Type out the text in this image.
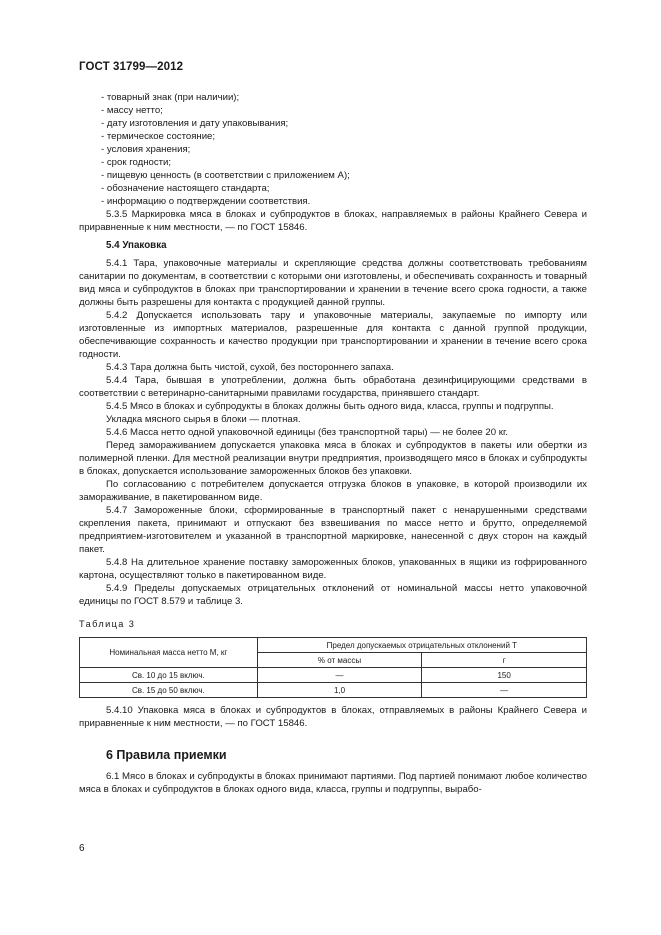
ГОСТ 31799—2012

- товарный знак (при наличии);

- массу нетто;

- дату изготовления и дату упаковывания;

- термическое состояние;

- условия хранения;

- срок годности;

- пищевую ценность (в соответствии с приложением А);

- обозначение настоящего стандарта;

- информацию о подтверждении соответствия.

5.3.5 Маркировка мяса в блоках и субпродуктов в блоках, направляемых в районы Крайнего Севера и приравненные к ним местности, — по ГОСТ 15846.

5.4 Упаковка

5.4.1 Тара, упаковочные материалы и скрепляющие средства должны соответствовать требованиям санитарии по документам, в соответствии с которыми они изготовлены, и обеспечивать сохранность и товарный вид мяса и субпродуктов в блоках при транспортировании и хранении в течение всего срока годности, а также должны быть разрешены для контакта с продукцией данной группы.

5.4.2 Допускается использовать тару и упаковочные материалы, закупаемые по импорту или изготовленные из импортных материалов, разрешенные для контакта с данной группой продукции, обеспечивающие сохранность и качество продукции при транспортировании и хранении в течение всего срока годности.

5.4.3 Тара должна быть чистой, сухой, без постороннего запаха.

5.4.4 Тара, бывшая в употреблении, должна быть обработана дезинфицирующими средствами в соответствии с ветеринарно-санитарными правилами государства, принявшего стандарт.

5.4.5 Мясо в блоках и субпродукты в блоках должны быть одного вида, класса, группы и подгруппы.

Укладка мясного сырья в блоки — плотная.

5.4.6 Масса нетто одной упаковочной единицы (без транспортной тары) — не более 20 кг.

Перед замораживанием допускается упаковка мяса в блоках и субпродуктов в пакеты или обертки из полимерной пленки. Для местной реализации внутри предприятия, производящего мясо в блоках и субпродукты в блоках, допускается использование замороженных блоков без упаковки.

По согласованию с потребителем допускается отгрузка блоков в упаковке, в которой производили их замораживание, в пакетированном виде.

5.4.7 Замороженные блоки, сформированные в транспортный пакет с ненарушенными средствами скрепления пакета, принимают и отпускают без взвешивания по массе нетто и брутто, определяемой предприятием-изготовителем и указанной в транспортной маркировке, нанесенной с двух сторон на каждый пакет.

5.4.8 На длительное хранение поставку замороженных блоков, упакованных в ящики из гофрированного картона, осуществляют только в пакетированном виде.

5.4.9 Пределы допускаемых отрицательных отклонений от номинальной массы нетто упаковочной единицы по ГОСТ 8.579 и таблице 3.

Таблица 3

Номинальная масса нетто М, кг	Предел допускаемых отрицательных отклонений Т	
	% от массы	г
Св. 10 до 15 включ.	—	150
Св. 15 до 50 включ.	1,0	—

5.4.10 Упаковка мяса в блоках и субпродуктов в блоках, отправляемых в районы Крайнего Севера и приравненные к ним местности, — по ГОСТ 15846.

6 Правила приемки

6.1 Мясо в блоках и субпродукты в блоках принимают партиями. Под партией понимают любое количество мяса в блоках и субпродуктов в блоках одного вида, класса, группы и подгруппы, вырабо-

6
